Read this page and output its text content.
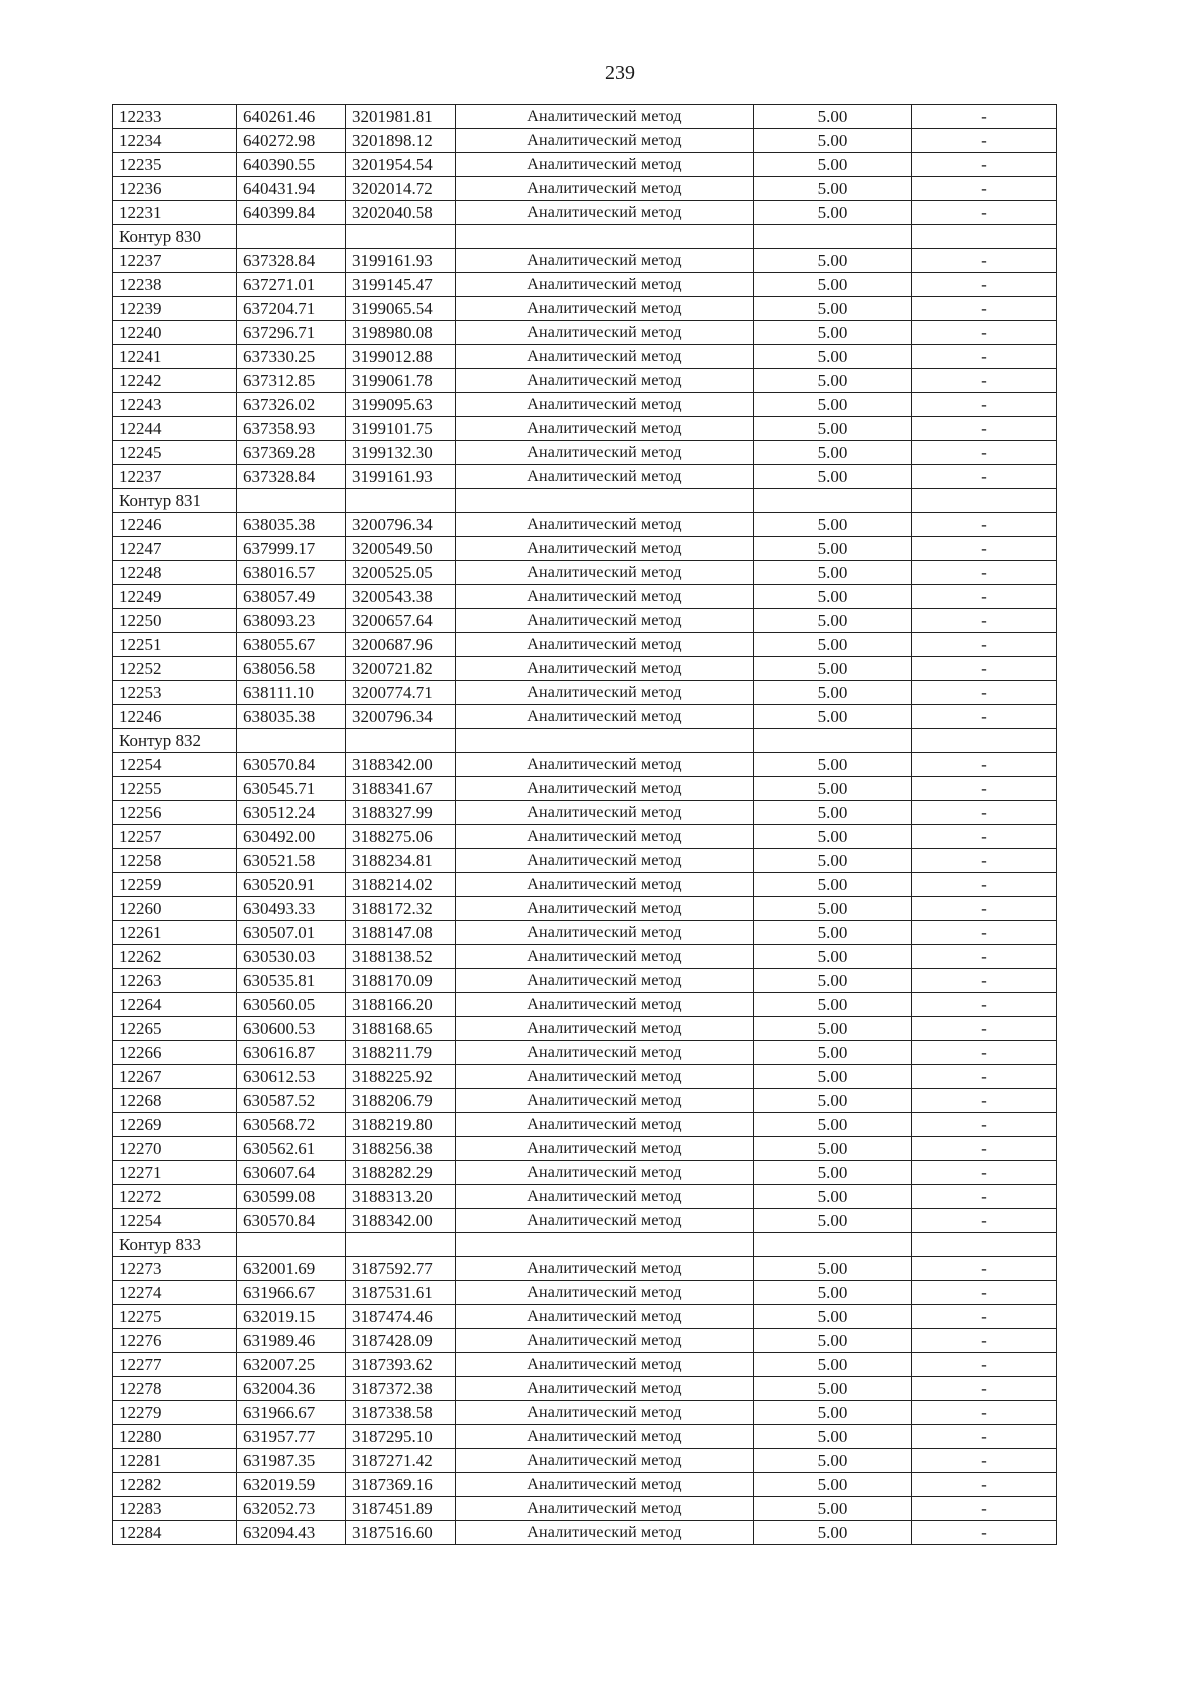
239
12233	640261.46	3201981.81	Аналитический метод	5.00	-
12234	640272.98	3201898.12	Аналитический метод	5.00	-
12235	640390.55	3201954.54	Аналитический метод	5.00	-
12236	640431.94	3202014.72	Аналитический метод	5.00	-
12231	640399.84	3202040.58	Аналитический метод	5.00	-
Контур 830					
12237	637328.84	3199161.93	Аналитический метод	5.00	-
12238	637271.01	3199145.47	Аналитический метод	5.00	-
12239	637204.71	3199065.54	Аналитический метод	5.00	-
12240	637296.71	3198980.08	Аналитический метод	5.00	-
12241	637330.25	3199012.88	Аналитический метод	5.00	-
12242	637312.85	3199061.78	Аналитический метод	5.00	-
12243	637326.02	3199095.63	Аналитический метод	5.00	-
12244	637358.93	3199101.75	Аналитический метод	5.00	-
12245	637369.28	3199132.30	Аналитический метод	5.00	-
12237	637328.84	3199161.93	Аналитический метод	5.00	-
Контур 831					
12246	638035.38	3200796.34	Аналитический метод	5.00	-
12247	637999.17	3200549.50	Аналитический метод	5.00	-
12248	638016.57	3200525.05	Аналитический метод	5.00	-
12249	638057.49	3200543.38	Аналитический метод	5.00	-
12250	638093.23	3200657.64	Аналитический метод	5.00	-
12251	638055.67	3200687.96	Аналитический метод	5.00	-
12252	638056.58	3200721.82	Аналитический метод	5.00	-
12253	638111.10	3200774.71	Аналитический метод	5.00	-
12246	638035.38	3200796.34	Аналитический метод	5.00	-
Контур 832					
12254	630570.84	3188342.00	Аналитический метод	5.00	-
12255	630545.71	3188341.67	Аналитический метод	5.00	-
12256	630512.24	3188327.99	Аналитический метод	5.00	-
12257	630492.00	3188275.06	Аналитический метод	5.00	-
12258	630521.58	3188234.81	Аналитический метод	5.00	-
12259	630520.91	3188214.02	Аналитический метод	5.00	-
12260	630493.33	3188172.32	Аналитический метод	5.00	-
12261	630507.01	3188147.08	Аналитический метод	5.00	-
12262	630530.03	3188138.52	Аналитический метод	5.00	-
12263	630535.81	3188170.09	Аналитический метод	5.00	-
12264	630560.05	3188166.20	Аналитический метод	5.00	-
12265	630600.53	3188168.65	Аналитический метод	5.00	-
12266	630616.87	3188211.79	Аналитический метод	5.00	-
12267	630612.53	3188225.92	Аналитический метод	5.00	-
12268	630587.52	3188206.79	Аналитический метод	5.00	-
12269	630568.72	3188219.80	Аналитический метод	5.00	-
12270	630562.61	3188256.38	Аналитический метод	5.00	-
12271	630607.64	3188282.29	Аналитический метод	5.00	-
12272	630599.08	3188313.20	Аналитический метод	5.00	-
12254	630570.84	3188342.00	Аналитический метод	5.00	-
Контур 833					
12273	632001.69	3187592.77	Аналитический метод	5.00	-
12274	631966.67	3187531.61	Аналитический метод	5.00	-
12275	632019.15	3187474.46	Аналитический метод	5.00	-
12276	631989.46	3187428.09	Аналитический метод	5.00	-
12277	632007.25	3187393.62	Аналитический метод	5.00	-
12278	632004.36	3187372.38	Аналитический метод	5.00	-
12279	631966.67	3187338.58	Аналитический метод	5.00	-
12280	631957.77	3187295.10	Аналитический метод	5.00	-
12281	631987.35	3187271.42	Аналитический метод	5.00	-
12282	632019.59	3187369.16	Аналитический метод	5.00	-
12283	632052.73	3187451.89	Аналитический метод	5.00	-
12284	632094.43	3187516.60	Аналитический метод	5.00	-
